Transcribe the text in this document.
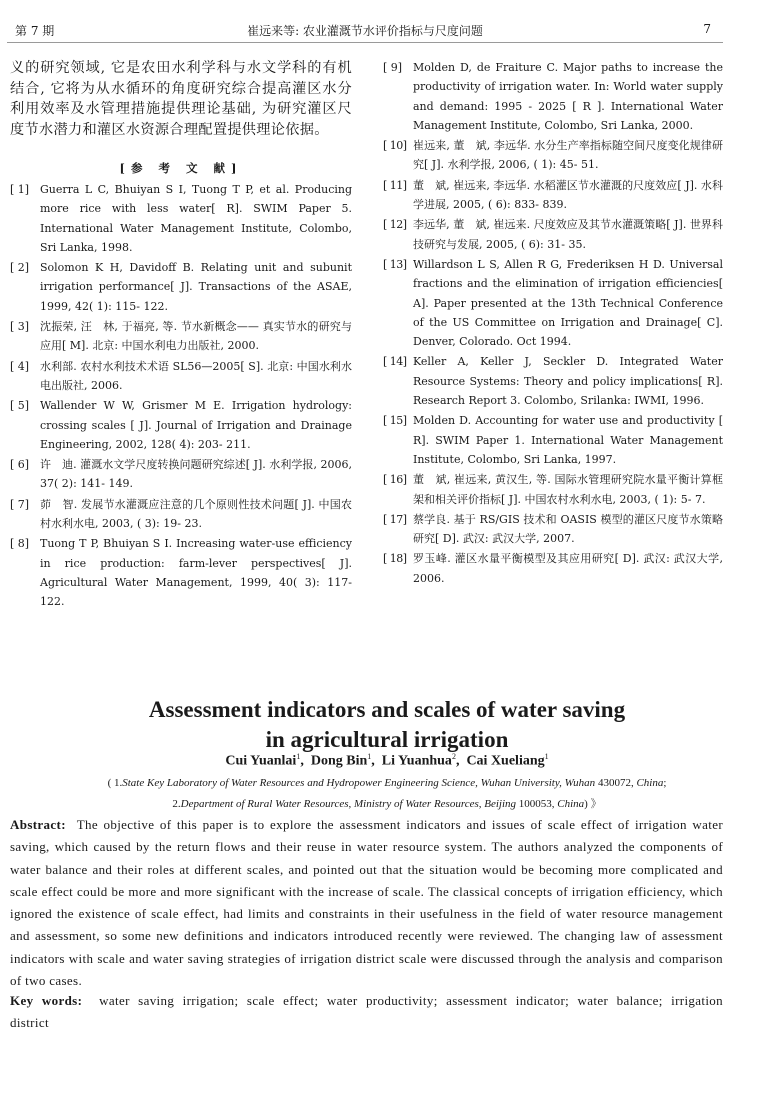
第 7 期	崔远来等: 农业灌溉节水评价指标与尺度问题	7

义的研究领域, 它是农田水利学科与水文学科的有机结合, 它将为从水循环的角度研究综合提高灌区水分利用效率及水管理措施提供理论基础, 为研究灌区尺度节水潜力和灌区水资源合理配置提供理论依据。

[参 考 文 献]

[ 1] Guerra L C, Bhuiyan S I, Tuong T P, et al. Producing more rice with less water[ R]. SWIM Paper 5. International Water Management Institute, Colombo, Sri Lanka, 1998.

[ 2] Solomon K H, Davidoff B. Relating unit and subunit irrigation performance[ J]. Transactions of the ASAE, 1999, 42( 1): 115- 122.

[ 3] 沈振荣, 汪　林, 于福亮, 等. 节水新概念—— 真实节水的研究与应用[ M]. 北京: 中国水利电力出版社, 2000.

[ 4] 水利部. 农村水利技术术语 SL56—2005[ S]. 北京: 中国水利水电出版社, 2006.

[ 5] Wallender W W, Grismer M E. Irrigation hydrology: crossing scales [ J]. Journal of Irrigation and Drainage Engineering, 2002, 128( 4): 203- 211.

[ 6] 许　迪. 灌溉水文学尺度转换问题研究综述[ J]. 水利学报, 2006, 37( 2): 141- 149.

[ 7] 茆　智. 发展节水灌溉应注意的几个原则性技术问题[ J]. 中国农村水利水电, 2003, ( 3): 19- 23.

[ 8] Tuong T P, Bhuiyan S I. Increasing water-use efficiency in rice production: farm-lever perspectives[ J]. Agricultural Water Management, 1999, 40( 3): 117- 122.

[ 9] Molden D, de Fraiture C. Major paths to increase the productivity of irrigation water. In: World water supply and demand: 1995 - 2025 [ R ]. International Water Management Institute, Colombo, Sri Lanka, 2000.

[ 10] 崔远来, 董　斌, 李远华. 水分生产率指标随空间尺度变化规律研究[ J]. 水利学报, 2006, ( 1): 45- 51.

[ 11] 董　斌, 崔远来, 李远华. 水稻灌区节水灌溉的尺度效应[ J]. 水科学进展, 2005, ( 6): 833- 839.

[ 12] 李远华, 董　斌, 崔远来. 尺度效应及其节水灌溉策略[ J]. 世界科技研究与发展, 2005, ( 6): 31- 35.

[ 13] Willardson L S, Allen R G, Frederiksen H D. Universal fractions and the elimination of irrigation efficiencies[ A]. Paper presented at the 13th Technical Conference of the US Committee on Irrigation and Drainage[ C]. Denver, Colorado. Oct 1994.

[ 14] Keller A, Keller J, Seckler D. Integrated Water Resource Systems: Theory and policy implications[ R]. Research Report 3. Colombo, Srilanka: IWMI, 1996.

[ 15] Molden D. Accounting for water use and productivity [ R]. SWIM Paper 1. International Water Management Institute, Colombo, Sri Lanka, 1997.

[ 16] 董　斌, 崔远来, 黄汉生, 等. 国际水管理研究院水量平衡计算框架和相关评价指标[ J]. 中国农村水利水电, 2003, ( 1): 5- 7.

[ 17] 蔡学良. 基于 RS/GIS 技术和 OASIS 模型的灌区尺度节水策略研究[ D]. 武汉: 武汉大学, 2007.

[ 18] 罗玉峰. 灌区水量平衡模型及其应用研究[ D]. 武汉: 武汉大学, 2006.

Assessment indicators and scales of water saving
in agricultural irrigation
Cui Yuanlai$^1$,  Dong Bin$^1$,  Li Yuanhua$^2$,  Cai Xueliang$^1$
( 1.State Key Laboratory of Water Resources and Hydropower Engineering Science, Wuhan University, Wuhan 430072, China;
2.Department of Rural Water Resources, Ministry of Water Resources, Beijing 100053, China) 》

Abstract: The objective of this paper is to explore the assessment indicators and issues of scale effect of irrigation water saving, which caused by the return flows and their reuse in water resource system. The authors analyzed the components of water balance and their roles at different scales, and pointed out that the situation would be becoming more complicated and scale effect could be more and more significant with the increase of scale. The classical concepts of irrigation efficiency, which ignored the existence of scale effect, had limits and constraints in their usefulness in the field of water resource management and assessment, so some new definitions and indicators introduced recently were reviewed. The changing law of assessment indicators with scale and water saving strategies of irrigation district scale were discussed through the analysis and comparison of two cases.

Key words: water saving irrigation; scale effect; water productivity; assessment indicator; water balance; irrigation district
